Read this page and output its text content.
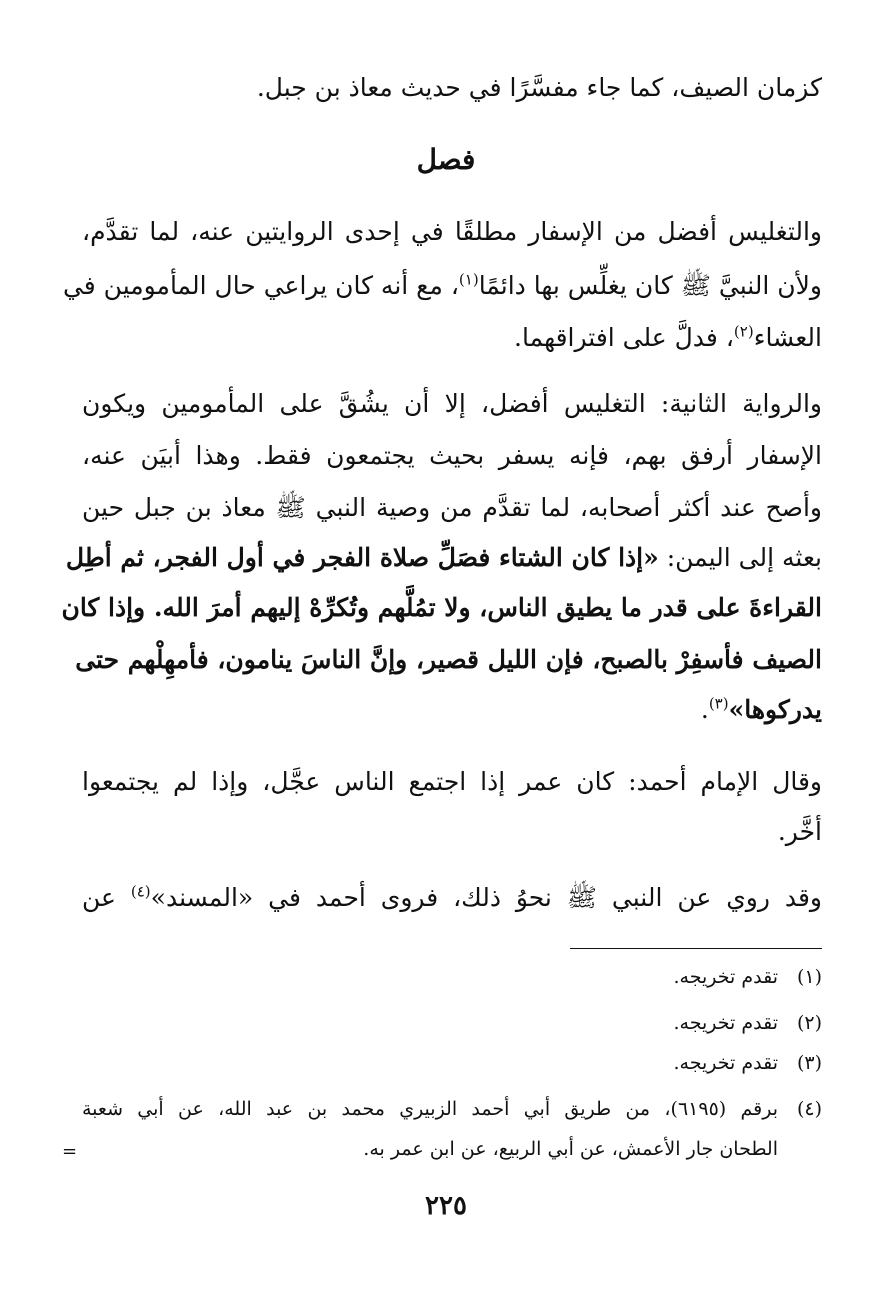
كزمان الصيف، كما جاء مفسَّرًا في حديث معاذ بن جبل.
فصل
والتغليس أفضل من الإسفار مطلقًا في إحدى الروايتين عنه، لما تقدَّم،
ولأن النبيَّ ﷺ كان يغلِّس بها دائمًا$^{(١)}$، مع أنه كان يراعي حال المأمومين في
العشاء$^{(٢)}$، فدلَّ على افتراقهما.
والرواية الثانية: التغليس أفضل، إلا أن يشُقَّ على المأمومين ويكون
الإسفار أرفق بهم، فإنه يسفر بحيث يجتمعون فقط. وهذا أبيَن عنه،
وأصح عند أكثر أصحابه، لما تقدَّم من وصية النبي ﷺ معاذ بن جبل حين
بعثه إلى اليمن: «إذا كان الشتاء فصَلِّ صلاة الفجر في أول الفجر، ثم أطِل
القراءةَ على قدر ما يطيق الناس، ولا تمُلَّهم وتُكرِّهْ إليهم أمرَ الله. وإذا كان
الصيف فأسفِرْ بالصبح، فإن الليل قصير، وإنَّ الناسَ ينامون، فأمهِلْهم حتى
يدركوها»$^{(٣)}$.
وقال الإمام أحمد: كان عمر إذا اجتمع الناس عجَّل، وإذا لم يجتمعوا
أخَّر.
وقد روي عن النبي ﷺ نحوُ ذلك، فروى أحمد في «المسند»$^{(٤)}$ عن
(١)تقدم تخريجه.
(٢)تقدم تخريجه.
(٣)تقدم تخريجه.
(٤)برقم (٦١٩٥)، من طريق أبي أحمد الزبيري محمد بن عبد الله، عن أبي شعبة
الطحان جار الأعمش، عن أبي الربيع، عن ابن عمر به.
=
٢٢٥
